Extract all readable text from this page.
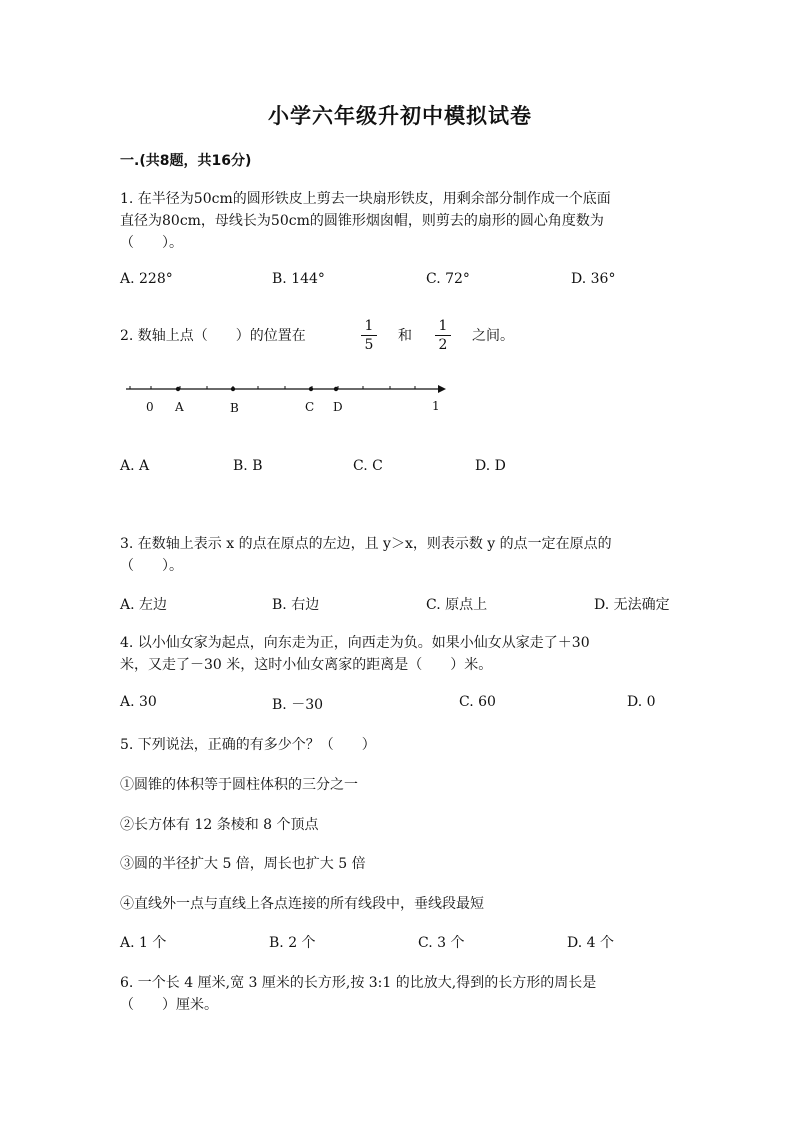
小学六年级升初中模拟试卷
一.(共8题，共16分)
1. 在半径为50cm的圆形铁皮上剪去一块扇形铁皮，用剩余部分制作成一个底面
直径为80cm，母线长为50cm的圆锥形烟囱帽，则剪去的扇形的圆心角度数为
（　　）。
A. 228°	B. 144°	C. 72°	D. 36°
2. 数轴上点（　　）的位置在	$\frac{1}{5}$ 和 $\frac{1}{2}$ 之间。
0 A	B	C D	1
A. A	B. B	C. C	D. D
3. 在数轴上表示 x 的点在原点的左边，且 y＞x，则表示数 y 的点一定在原点的
（　　）。
A. 左边	B. 右边	C. 原点上	D. 无法确定
4. 以小仙女家为起点，向东走为正，向西走为负。如果小仙女从家走了＋30
米，又走了－30 米，这时小仙女离家的距离是（　　）米。
A. 30	B. －30	C. 60	D. 0
5. 下列说法，正确的有多少个？（　　）
①圆锥的体积等于圆柱体积的三分之一
②长方体有 12 条棱和 8 个顶点
③圆的半径扩大 5 倍，周长也扩大 5 倍
④直线外一点与直线上各点连接的所有线段中，垂线段最短
A. 1 个	B. 2 个	C. 3 个	D. 4 个
6. 一个长 4 厘米,宽 3 厘米的长方形,按 3:1 的比放大,得到的长方形的周长是
（　　）厘米。
